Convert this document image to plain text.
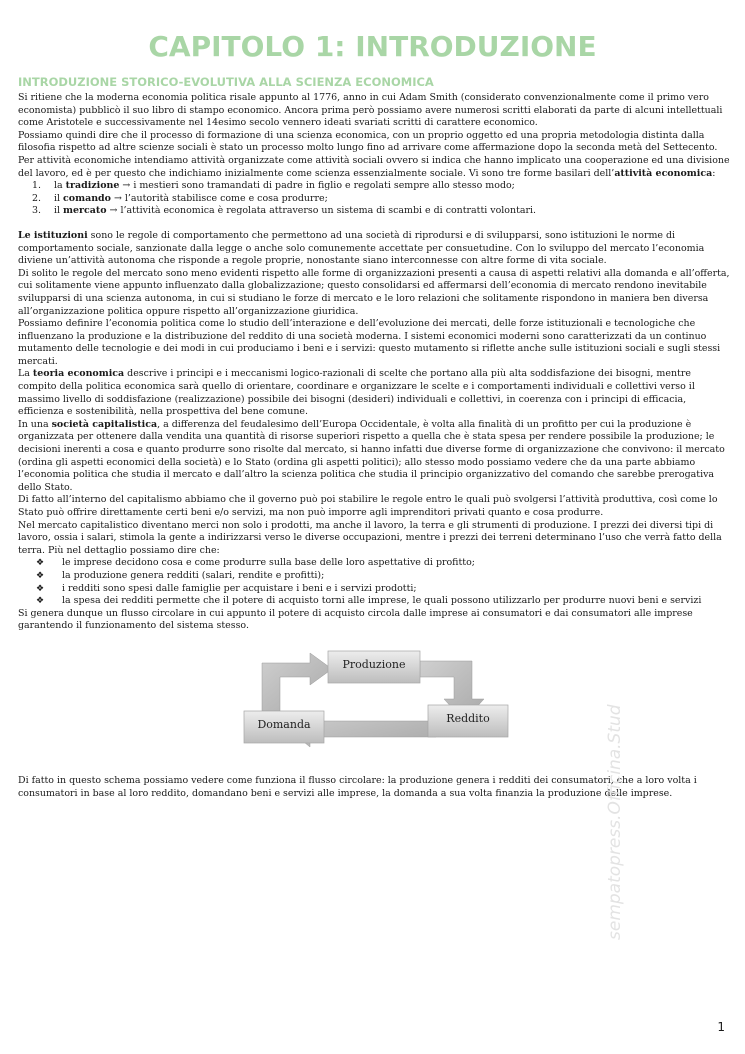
CAPITOLO 1: INTRODUZIONE
INTRODUZIONE STORICO-EVOLUTIVA ALLA SCIENZA ECONOMICA

Si ritiene che la moderna economia politica risale appunto al 1776, anno in cui Adam Smith (considerato convenzionalmente come il primo vero economista) pubblicò il suo libro di stampo economico. Ancora prima però possiamo avere numerosi scritti elaborati da parte di alcuni intellettuali come Aristotele e successivamente nel 14esimo secolo vennero ideati svariati scritti di carattere economico.

Possiamo quindi dire che il processo di formazione di una scienza economica, con un proprio oggetto ed una propria metodologia distinta dalla filosofia rispetto ad altre scienze sociali è stato un processo molto lungo fino ad arrivare come affermazione dopo la seconda metà del Settecento.

Per attività economiche intendiamo attività organizzate come attività sociali ovvero si indica che hanno implicato una cooperazione ed una divisione del lavoro, ed è per questo che indichiamo inizialmente come scienza essenzialmente sociale. Vi sono tre forme basilari dell’attività economica:

1. la tradizione → i mestieri sono tramandati di padre in figlio e regolati sempre allo stesso modo;
2. il comando → l’autorità stabilisce come e cosa produrre;
3. il mercato → l’attività economica è regolata attraverso un sistema di scambi e di contratti volontari.

Le istituzioni sono le regole di comportamento che permettono ad una società di riprodursi e di svilupparsi, sono istituzioni le norme di comportamento sociale, sanzionate dalla legge o anche solo comunemente accettate per consuetudine. Con lo sviluppo del mercato l’economia diviene un’attività autonoma che risponde a regole proprie, nonostante siano interconnesse con altre forme di vita sociale.

Di solito le regole del mercato sono meno evidenti rispetto alle forme di organizzazioni presenti a causa di aspetti relativi alla domanda e all’offerta, cui solitamente viene appunto influenzato dalla globalizzazione; questo consolidarsi ed affermarsi dell’economia di mercato rendono inevitabile svilupparsi di una scienza autonoma, in cui si studiano le forze di mercato e le loro relazioni che solitamente rispondono in maniera ben diversa all’organizzazione politica oppure rispetto all’organizzazione giuridica.

Possiamo definire l’economia politica come lo studio dell’interazione e dell’evoluzione dei mercati, delle forze istituzionali e tecnologiche che influenzano la produzione e la distribuzione del reddito di una società moderna. I sistemi economici moderni sono caratterizzati da un continuo mutamento delle tecnologie e dei modi in cui produciamo i beni e i servizi: questo mutamento si riflette anche sulle istituzioni sociali e sugli stessi mercati.

La teoria economica descrive i principi e i meccanismi logico-razionali di scelte che portano alla più alta soddisfazione dei bisogni, mentre compito della politica economica sarà quello di orientare, coordinare e organizzare le scelte e i comportamenti individuali e collettivi verso il massimo livello di soddisfazione (realizzazione) possibile dei bisogni (desideri) individuali e collettivi, in coerenza con i principi di efficacia, efficienza e sostenibilità, nella prospettiva del bene comune.

In una società capitalistica, a differenza del feudalesimo dell’Europa Occidentale, è volta alla finalità di un profitto per cui la produzione è organizzata per ottenere dalla vendita una quantità di risorse superiori rispetto a quella che è stata spesa per rendere possibile la produzione; le decisioni inerenti a cosa e quanto produrre sono risolte dal mercato, si hanno infatti due diverse forme di organizzazione che convivono: il mercato (ordina gli aspetti economici della società) e lo Stato (ordina gli aspetti politici); allo stesso modo possiamo vedere che da una parte abbiamo l’economia politica che studia il mercato e dall’altro la scienza politica che studia il principio organizzativo del comando che sarebbe prerogativa dello Stato.

Di fatto all’interno del capitalismo abbiamo che il governo può poi stabilire le regole entro le quali può svolgersi l’attività produttiva, così come lo Stato può offrire direttamente certi beni e/o servizi, ma non può imporre agli imprenditori privati quanto e cosa produrre.

Nel mercato capitalistico diventano merci non solo i prodotti, ma anche il lavoro, la terra e gli strumenti di produzione. I prezzi dei diversi tipi di lavoro, ossia i salari, stimola la gente a indirizzarsi verso le diverse occupazioni, mentre i prezzi dei terreni determinano l’uso che verrà fatto della terra. Più nel dettaglio possiamo dire che:

❖ le imprese decidono cosa e come produrre sulla base delle loro aspettative di profitto;
❖ la produzione genera redditi (salari, rendite e profitti);
❖ i redditi sono spesi dalle famiglie per acquistare i beni e i servizi prodotti;
❖ la spesa dei redditi permette che il potere di acquisto torni alle imprese, le quali possono utilizzarlo per produrre nuovi beni e servizi

Si genera dunque un flusso circolare in cui appunto il potere di acquisto circola dalle imprese ai consumatori e dai consumatori alle imprese garantendo il funzionamento del sistema stesso.

Produzione
Reddito
Domanda

Di fatto in questo schema possiamo vedere come funziona il flusso circolare: la produzione genera i redditi dei consumatori, che a loro volta i consumatori in base al loro reddito, domandano beni e servizi alle imprese, la domanda a sua volta finanzia la produzione delle imprese.

sempatopress.Officina.Stud
1
